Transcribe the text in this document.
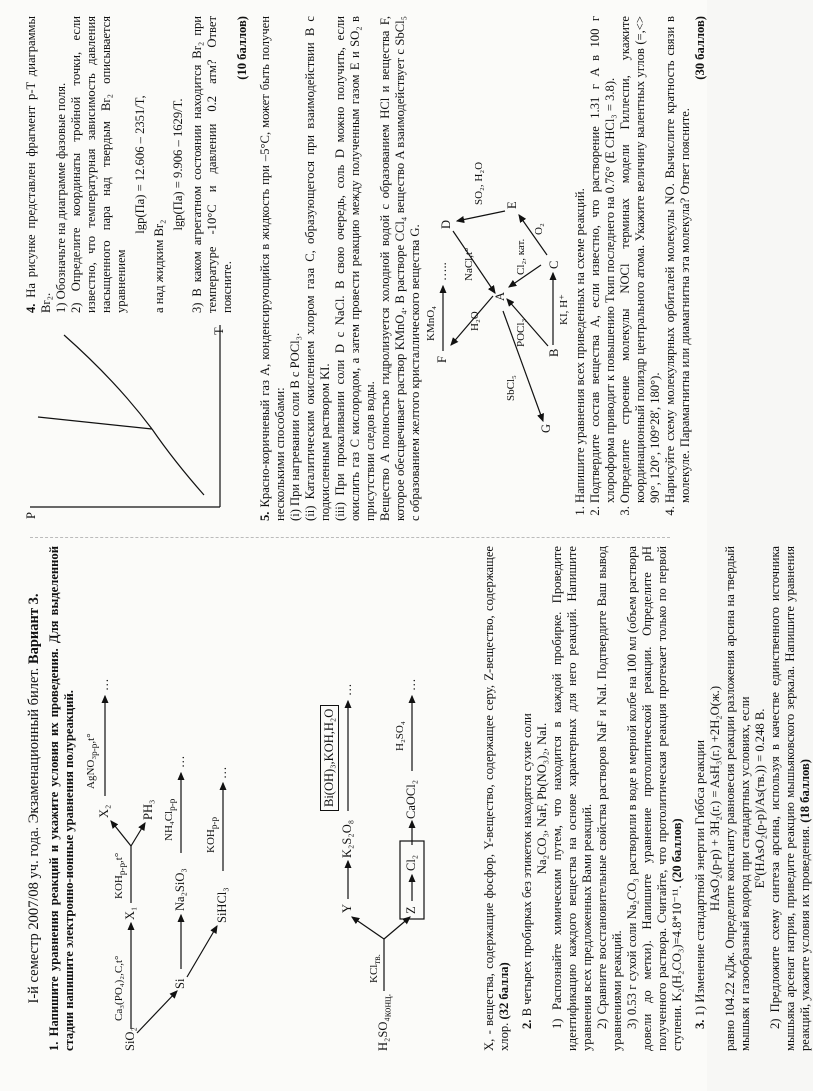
I-й семестр 2007/08 уч. года. Экзаменационный билет. Вариант 3.

1. Напишите уравнения реакций и укажите условия их проведения. Для выделенной стадии напишите электронно-ионные уравнения полуреакций.	SiO₂
Ca₃(PO₄)₂,C,t°
X₁
$KOH_{р-р},t^\circ$
X₂
$AgNO_3_{р-р},t^\circ$
PH₃
…
Si
Na₂SiO₃
$NH_4Cl_{р-р}$
…
SiHCl₃
$KOH_{р-р}$
…
$H_2SO_4_{конц.}$
KCl$_{тв.}$
Y
K₂S₂O₈
Bi(OH)₃,KOH,H₂O
…
Z
Cl₂
CaOCl₂
H₂SO₄
…	X, - вещества, содержащие фосфор, Y-вещество, содержащее серу, Z-вещество, содержащее хлор. (32 балла)

2. В четырех пробирках без этикеток находятся сухие соли Na₂CO₃, NaF, Pb(NO₃)₂, NaI. 1) Распознайте химическим путем, что находится в каждой пробирке. Проведите идентификацию каждого вещества на основе характерных для него реакций. Напишите уравнения всех предложенных Вами реакций. 2) Сравните восстановительные свойства растворов NaF и NaI. Подтвердите Ваш вывод уравнениями реакций. 3) 0.53 г сухой соли Na₂CO₃ растворили в воде в мерной колбе на 100 мл (объем раствора довели до метки). Напишите уравнение протолитической реакции. Определите pH полученного раствора. Считайте, что протолитическая реакция протекает только по первой ступени. K₂(H₂CO₃)=4.8*10⁻¹¹. (20 баллов)

3. 1) Изменение стандартной энергии Гиббса реакции HAsO₂(р-р) + 3H₂(г.) = AsH₃(г.) +2H₂O(ж.) равно 104.22 кДж. Определите константу равновесия реакции разложения арсина на твердый мышьяк и газообразный водород при стандартных условиях, если E⁰(HAsO₂(р-р)/As(тв.)) = 0.248 В. 2) Предложите схему синтеза арсина, используя в качестве единственного источника мышьяка арсенат натрия, приведите реакцию мышьяковского зеркала. Напишите уравнения реакций, укажите условия их проведения. (18 баллов)

P
T

4. На рисунке представлен фрагмент p-T диаграммы Br₂. 1) Обозначьте на диаграмме фазовые поля. 2) Определите координаты тройной точки, если известно, что температурная зависимость давления насыщенного пара над твердым Br₂ описывается уравнением

lgp(Па) = 12.606 – 2351/T,

а над жидким Br₂

lgp(Па) = 9.906 – 1629/T. 3) В каком агрегатном состоянии находится Br₂ при температуре -10°С и давлении 0.2 атм? Ответ поясните.

(10 баллов)

5. Красно-коричневый газ A, конденсирующийся в жидкость при –5°С, может быть получен несколькими способами: (i) При нагревании соли B с POCl₃. (ii) Каталитическим окислением хлором газа C, образующегося при взаимодействии B с подкисленным раствором KI. (iii) При прокаливании соли D с NaCl. В свою очередь, соль D можно получить, если окислить газ C кислородом, а затем провести реакцию между полученным газом E и SO₂ в присутствии следов воды. Вещество A полностью гидролизуется холодной водой с образованием HCl и вещества F, которое обесцвечивает раствор KMnO₄. В растворе CCl₄ вещество A взаимодействует с SbCl₅ с образованием желтого кристаллического вещества G. F
KMnO₄
…..
D
NaCl,t°
H₂O
A
SbCl₅
G
POCl₃
Cl₂, кат.
B
C
KI, H⁺
O₂
E
SO₂, H₂O
1. Напишите уравнения всех приведенных на схеме реакций. 2. Подтвердите состав вещества A, если известно, что растворение 1.31 г A в 100 г хлороформа приводит к повышению Tкип последнего на 0.76° (E CHCl₃ = 3.8). 3. Определите строение молекулы NOCl терминах модели Гиллеспи, укажите координационный полиэдр центрального атома. Укажите величину валентных углов (=,<> 90°, 120°, 109°28', 180°). 4. Нарисуйте схему молекулярных орбиталей молекулы NO. Вычислите кратность связи в молекуле. Парамагнитна или диамагнитна эта молекула? Ответ поясните.

(30 баллов)
